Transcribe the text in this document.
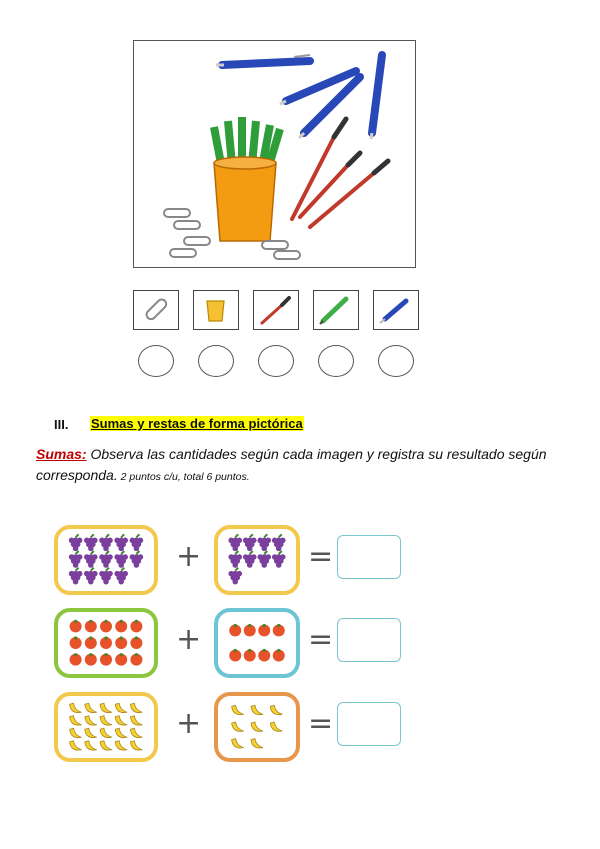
III. Sumas y restas de forma pictórica
Sumas: Observa las cantidades según cada imagen y registra su resultado según corresponda. 2 puntos c/u, total 6 puntos.
+	=
+	=
+	=
